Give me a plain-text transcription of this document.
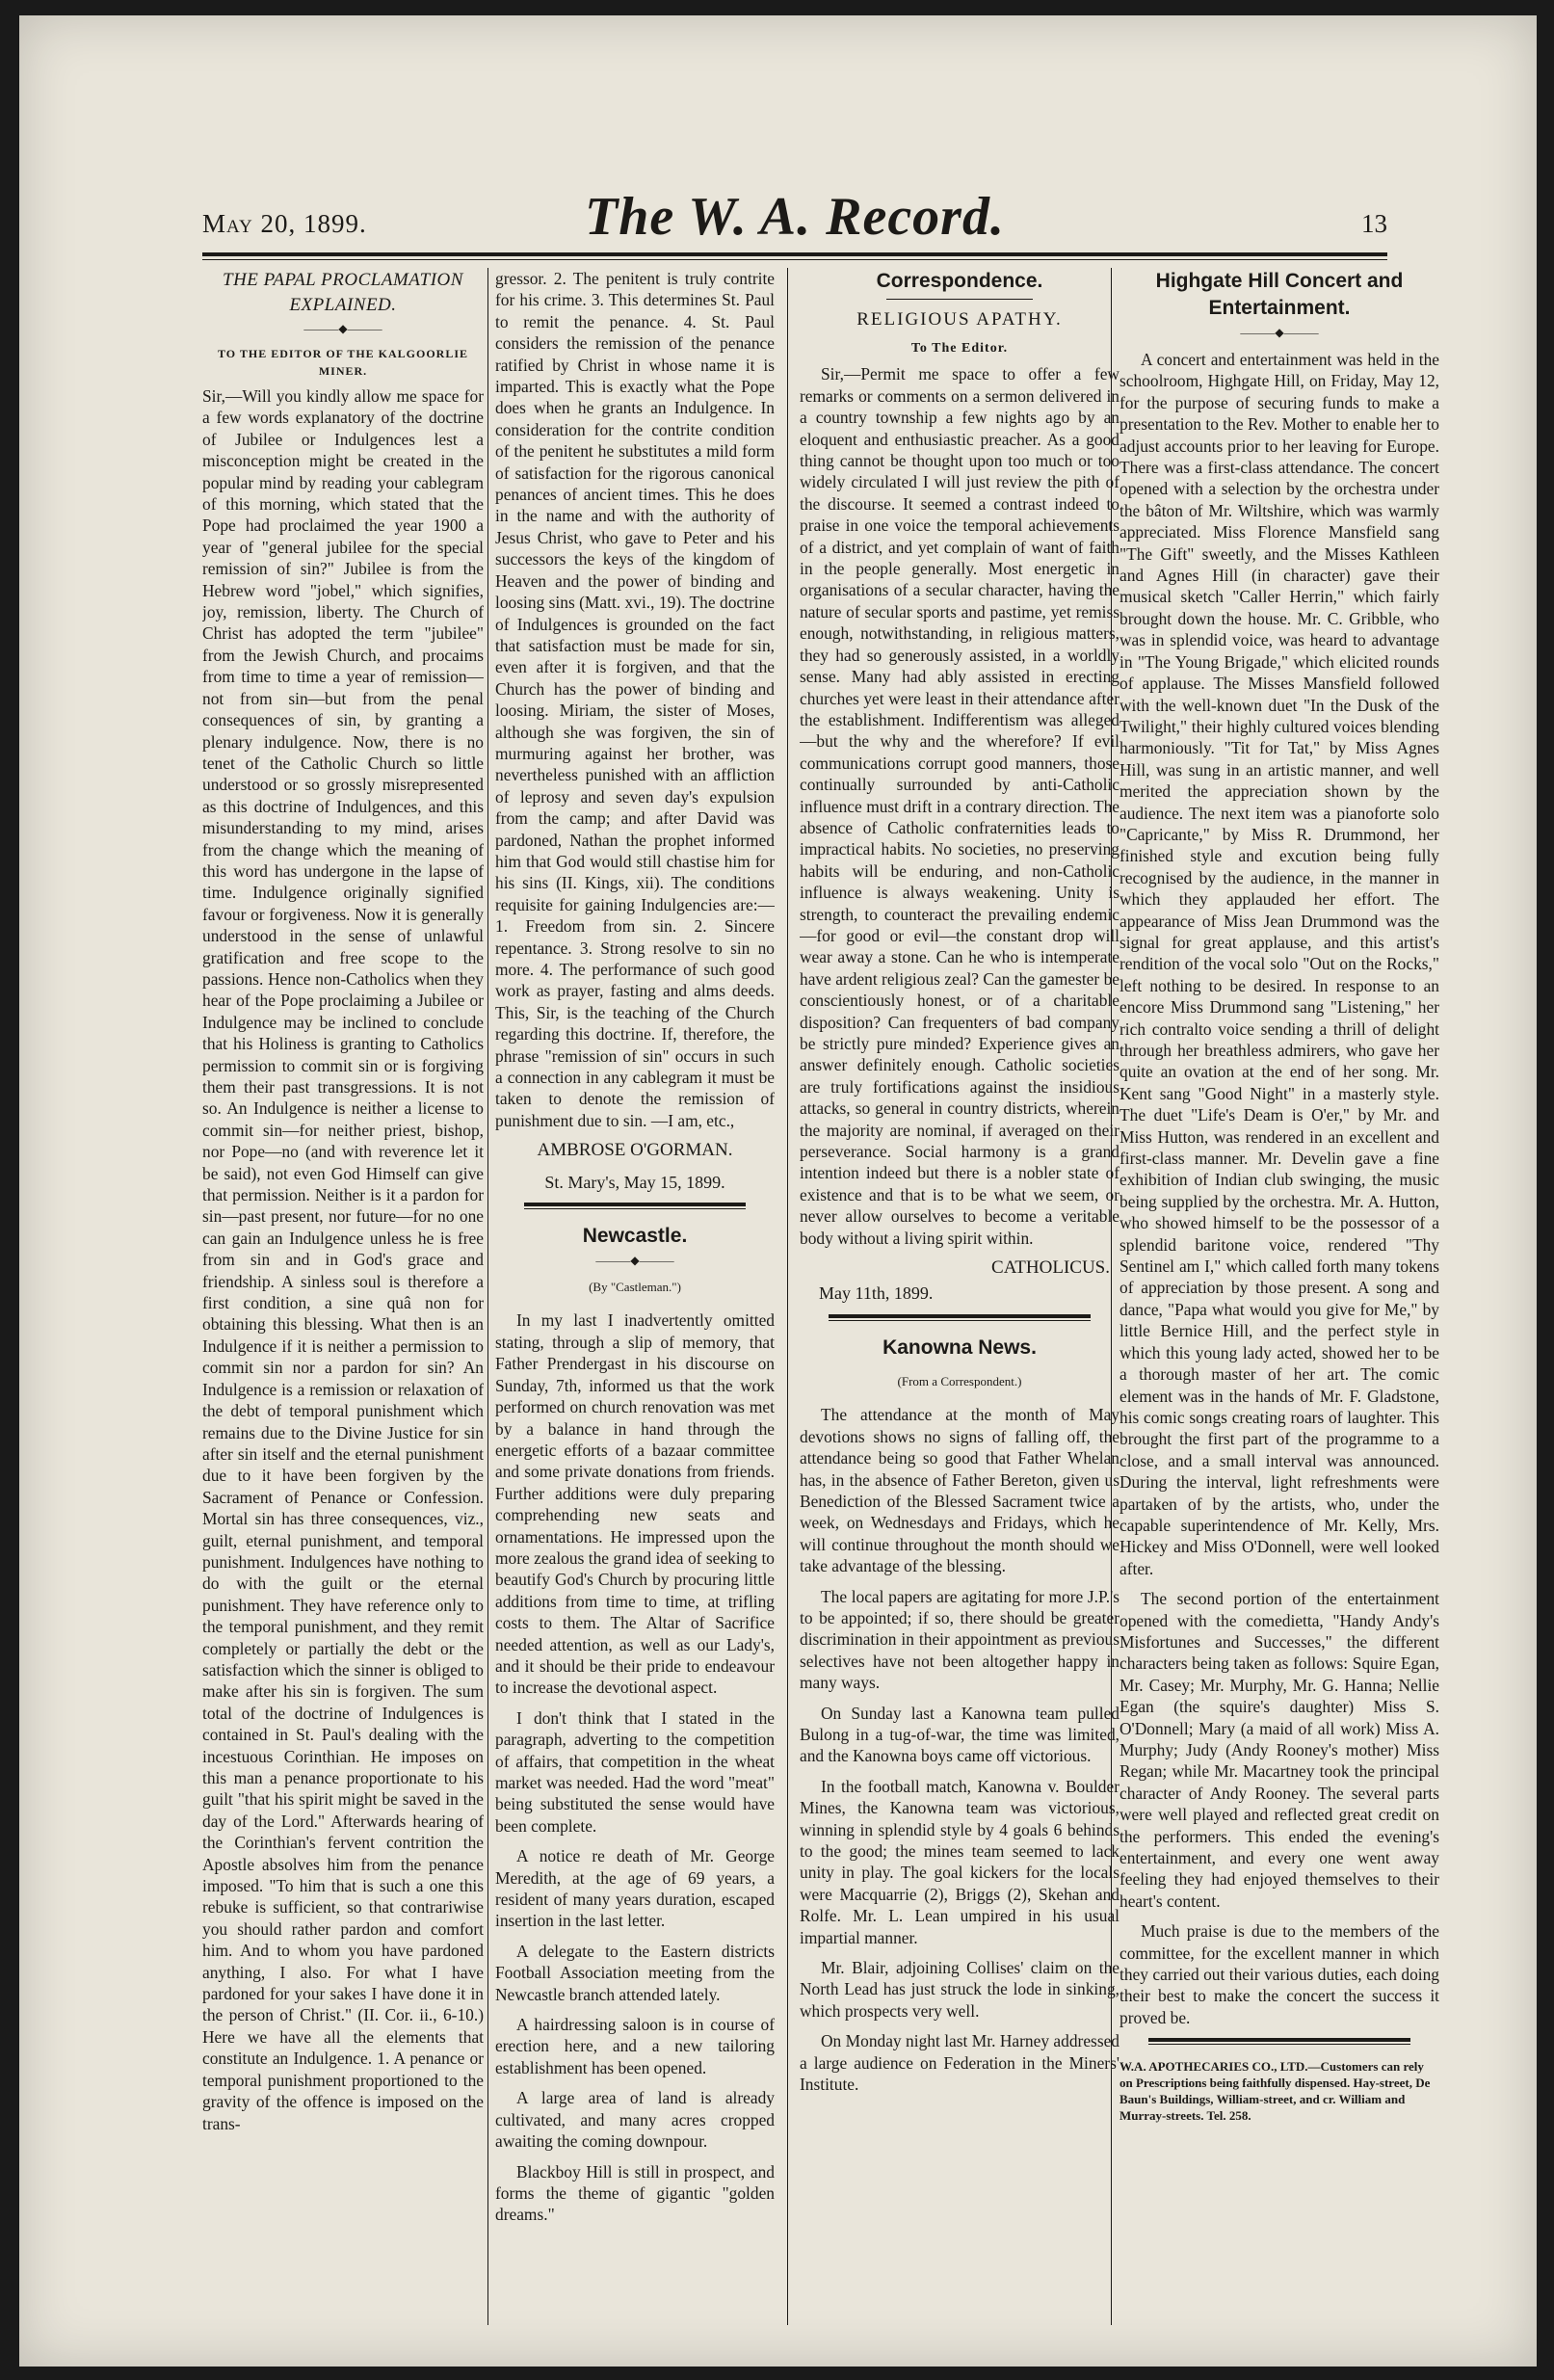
May 20, 1899.	The W. A. Record.	13
THE PAPAL PROCLAMATION EXPLAINED.
———◆———
TO THE EDITOR OF THE KALGOORLIE MINER.

Sir,—Will you kindly allow me space for a few words explanatory of the doctrine of Jubilee or Indulgences lest a misconception might be created in the popular mind by reading your cablegram of this morning, which stated that the Pope had proclaimed the year 1900 a year of "general jubilee for the special remission of sin?" Jubilee is from the Hebrew word "jobel," which signifies, joy, remission, liberty. The Church of Christ has adopted the term "jubilee" from the Jewish Church, and procaims from time to time a year of remission—not from sin—but from the penal consequences of sin, by granting a plenary indulgence. Now, there is no tenet of the Catholic Church so little understood or so grossly misrepresented as this doctrine of Indulgences, and this misunderstanding to my mind, arises from the change which the meaning of this word has undergone in the lapse of time. Indulgence originally signified favour or forgiveness. Now it is generally understood in the sense of unlawful gratification and free scope to the passions. Hence non-Catholics when they hear of the Pope proclaiming a Jubilee or Indulgence may be inclined to conclude that his Holiness is granting to Catholics permission to commit sin or is forgiving them their past transgressions. It is not so. An Indulgence is neither a license to commit sin—for neither priest, bishop, nor Pope—no (and with reverence let it be said), not even God Himself can give that permission. Neither is it a pardon for sin—past present, nor future—for no one can gain an Indulgence unless he is free from sin and in God's grace and friendship. A sinless soul is therefore a first condition, a sine quâ non for obtaining this blessing. What then is an Indulgence if it is neither a permission to commit sin nor a pardon for sin? An Indulgence is a remission or relaxation of the debt of temporal punishment which remains due to the Divine Justice for sin after sin itself and the eternal punishment due to it have been forgiven by the Sacrament of Penance or Confession. Mortal sin has three consequences, viz., guilt, eternal punishment, and temporal punishment. Indulgences have nothing to do with the guilt or the eternal punishment. They have reference only to the temporal punishment, and they remit completely or partially the debt or the satisfaction which the sinner is obliged to make after his sin is forgiven. The sum total of the doctrine of Indulgences is contained in St. Paul's dealing with the incestuous Corinthian. He imposes on this man a penance proportionate to his guilt "that his spirit might be saved in the day of the Lord." Afterwards hearing of the Corinthian's fervent contrition the Apostle absolves him from the penance imposed. "To him that is such a one this rebuke is sufficient, so that contrariwise you should rather pardon and comfort him. And to whom you have pardoned anything, I also. For what I have pardoned for your sakes I have done it in the person of Christ." (II. Cor. ii., 6-10.) Here we have all the elements that constitute an Indulgence. 1. A penance or temporal punishment proportioned to the gravity of the offence is imposed on the trans-

gressor. 2. The penitent is truly contrite for his crime. 3. This determines St. Paul to remit the penance. 4. St. Paul considers the remission of the penance ratified by Christ in whose name it is imparted. This is exactly what the Pope does when he grants an Indulgence. In consideration for the contrite condition of the penitent he substitutes a mild form of satisfaction for the rigorous canonical penances of ancient times. This he does in the name and with the authority of Jesus Christ, who gave to Peter and his successors the keys of the kingdom of Heaven and the power of binding and loosing sins (Matt. xvi., 19). The doctrine of Indulgences is grounded on the fact that satisfaction must be made for sin, even after it is forgiven, and that the Church has the power of binding and loosing. Miriam, the sister of Moses, although she was forgiven, the sin of murmuring against her brother, was nevertheless punished with an affliction of leprosy and seven day's expulsion from the camp; and after David was pardoned, Nathan the prophet informed him that God would still chastise him for his sins (II. Kings, xii). The conditions requisite for gaining Indulgencies are:—1. Freedom from sin. 2. Sincere repentance. 3. Strong resolve to sin no more. 4. The performance of such good work as prayer, fasting and alms deeds. This, Sir, is the teaching of the Church regarding this doctrine. If, therefore, the phrase "remission of sin" occurs in such a connection in any cablegram it must be taken to denote the remission of punishment due to sin. —I am, etc.,

AMBROSE O'GORMAN.
St. Mary's, May 15, 1899.
Newcastle.
———◆———
(By "Castleman.")

In my last I inadvertently omitted stating, through a slip of memory, that Father Prendergast in his discourse on Sunday, 7th, informed us that the work performed on church renovation was met by a balance in hand through the energetic efforts of a bazaar committee and some private donations from friends. Further additions were duly preparing comprehending new seats and ornamentations. He impressed upon the more zealous the grand idea of seeking to beautify God's Church by procuring little additions from time to time, at trifling costs to them. The Altar of Sacrifice needed attention, as well as our Lady's, and it should be their pride to endeavour to increase the devotional aspect.

I don't think that I stated in the paragraph, adverting to the competition of affairs, that competition in the wheat market was needed. Had the word "meat" being substituted the sense would have been complete.

A notice re death of Mr. George Meredith, at the age of 69 years, a resident of many years duration, escaped insertion in the last letter.

A delegate to the Eastern districts Football Association meeting from the Newcastle branch attended lately.

A hairdressing saloon is in course of erection here, and a new tailoring establishment has been opened.

A large area of land is already cultivated, and many acres cropped awaiting the coming downpour.

Blackboy Hill is still in prospect, and forms the theme of gigantic "golden dreams."

Correspondence.
RELIGIOUS APATHY.
To The Editor.

Sir,—Permit me space to offer a few remarks or comments on a sermon delivered in a country township a few nights ago by an eloquent and enthusiastic preacher. As a good thing cannot be thought upon too much or too widely circulated I will just review the pith of the discourse. It seemed a contrast indeed to praise in one voice the temporal achievements of a district, and yet complain of want of faith in the people generally. Most energetic in organisations of a secular character, having the nature of secular sports and pastime, yet remiss enough, notwithstanding, in religious matters, they had so generously assisted, in a worldly sense. Many had ably assisted in erecting churches yet were least in their attendance after the establishment. Indifferentism was alleged—but the why and the wherefore? If evil communications corrupt good manners, those continually surrounded by anti-Catholic influence must drift in a contrary direction. The absence of Catholic confraternities leads to impractical habits. No societies, no preserving habits will be enduring, and non-Catholic influence is always weakening. Unity is strength, to counteract the prevailing endemic—for good or evil—the constant drop will wear away a stone. Can he who is intemperate have ardent religious zeal? Can the gamester be conscientiously honest, or of a charitable disposition? Can frequenters of bad company be strictly pure minded? Experience gives an answer definitely enough. Catholic societies are truly fortifications against the insidious attacks, so general in country districts, wherein the majority are nominal, if averaged on their perseverance. Social harmony is a grand intention indeed but there is a nobler state of existence and that is to be what we seem, or never allow ourselves to become a veritable body without a living spirit within.

CATHOLICUS.
May 11th, 1899.
Kanowna News.
(From a Correspondent.)

The attendance at the month of May devotions shows no signs of falling off, the attendance being so good that Father Whelan has, in the absence of Father Bereton, given us Benediction of the Blessed Sacrament twice a week, on Wednesdays and Fridays, which he will continue throughout the month should we take advantage of the blessing.

The local papers are agitating for more J.P.'s to be appointed; if so, there should be greater discrimination in their appointment as previous selectives have not been altogether happy in many ways.

On Sunday last a Kanowna team pulled Bulong in a tug-of-war, the time was limited, and the Kanowna boys came off victorious.

In the football match, Kanowna v. Boulder Mines, the Kanowna team was victorious, winning in splendid style by 4 goals 6 behinds to the good; the mines team seemed to lack unity in play. The goal kickers for the locals were Macquarrie (2), Briggs (2), Skehan and Rolfe. Mr. L. Lean umpired in his usual impartial manner.

Mr. Blair, adjoining Collises' claim on the North Lead has just struck the lode in sinking, which prospects very well.

On Monday night last Mr. Harney addressed a large audience on Federation in the Miners' Institute.

Highgate Hill Concert and Entertainment.
———◆———

A concert and entertainment was held in the schoolroom, Highgate Hill, on Friday, May 12, for the purpose of securing funds to make a presentation to the Rev. Mother to enable her to adjust accounts prior to her leaving for Europe. There was a first-class attendance. The concert opened with a selection by the orchestra under the bâton of Mr. Wiltshire, which was warmly appreciated. Miss Florence Mansfield sang "The Gift" sweetly, and the Misses Kathleen and Agnes Hill (in character) gave their musical sketch "Caller Herrin," which fairly brought down the house. Mr. C. Gribble, who was in splendid voice, was heard to advantage in "The Young Brigade," which elicited rounds of applause. The Misses Mansfield followed with the well-known duet "In the Dusk of the Twilight," their highly cultured voices blending harmoniously. "Tit for Tat," by Miss Agnes Hill, was sung in an artistic manner, and well merited the appreciation shown by the audience. The next item was a pianoforte solo "Capricante," by Miss R. Drummond, her finished style and excution being fully recognised by the audience, in the manner in which they applauded her effort. The appearance of Miss Jean Drummond was the signal for great applause, and this artist's rendition of the vocal solo "Out on the Rocks," left nothing to be desired. In response to an encore Miss Drummond sang "Listening," her rich contralto voice sending a thrill of delight through her breathless admirers, who gave her quite an ovation at the end of her song. Mr. Kent sang "Good Night" in a masterly style. The duet "Life's Deam is O'er," by Mr. and Miss Hutton, was rendered in an excellent and first-class manner. Mr. Develin gave a fine exhibition of Indian club swinging, the music being supplied by the orchestra. Mr. A. Hutton, who showed himself to be the possessor of a splendid baritone voice, rendered "Thy Sentinel am I," which called forth many tokens of appreciation by those present. A song and dance, "Papa what would you give for Me," by little Bernice Hill, and the perfect style in which this young lady acted, showed her to be a thorough master of her art. The comic element was in the hands of Mr. F. Gladstone, his comic songs creating roars of laughter. This brought the first part of the programme to a close, and a small interval was announced. During the interval, light refreshments were partaken of by the artists, who, under the capable superintendence of Mr. Kelly, Mrs. Hickey and Miss O'Donnell, were well looked after.

The second portion of the entertainment opened with the comedietta, "Handy Andy's Misfortunes and Successes," the different characters being taken as follows: Squire Egan, Mr. Casey; Mr. Murphy, Mr. G. Hanna; Nellie Egan (the squire's daughter) Miss S. O'Donnell; Mary (a maid of all work) Miss A. Murphy; Judy (Andy Rooney's mother) Miss Regan; while Mr. Macartney took the principal character of Andy Rooney. The several parts were well played and reflected great credit on the performers. This ended the evening's entertainment, and every one went away feeling they had enjoyed themselves to their heart's content.

Much praise is due to the members of the committee, for the excellent manner in which they carried out their various duties, each doing their best to make the concert the success it proved be.

W.A. APOTHECARIES CO., LTD.—Customers can rely on Prescriptions being faithfully dispensed. Hay-street, De Baun's Buildings, William-street, and cr. William and Murray-streets. Tel. 258.
